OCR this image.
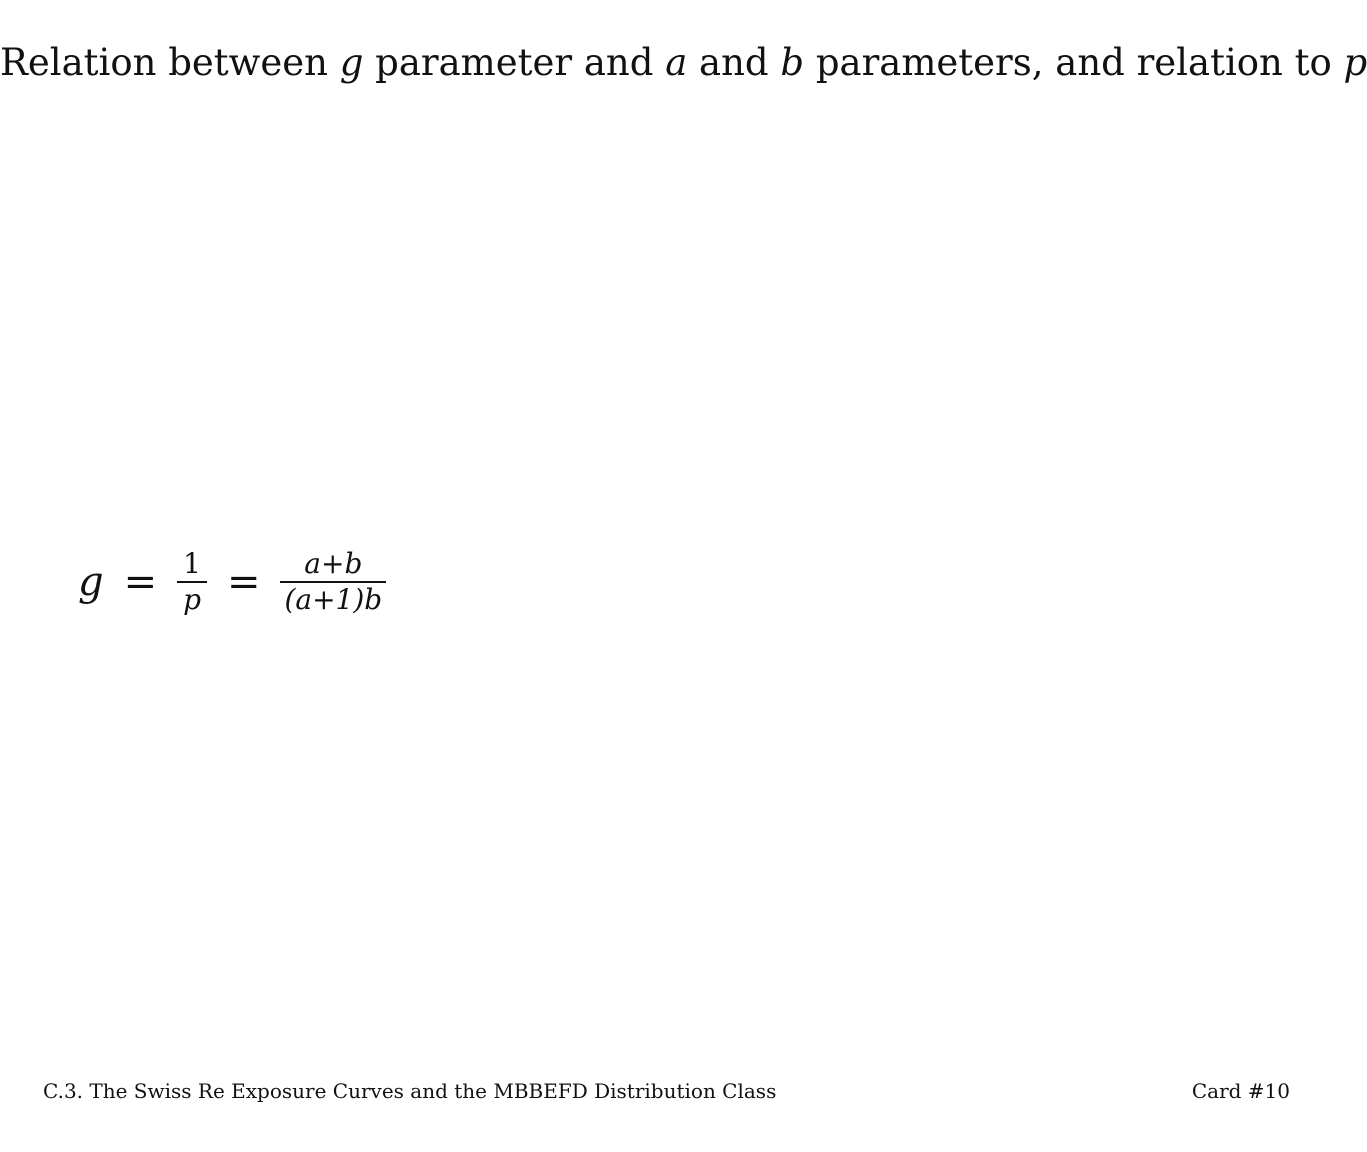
Relation between g parameter and a and b parameters, and relation to p
$g = \frac{1}{p} = \frac{a+b}{(a+1)b}$
C.3. The Swiss Re Exposure Curves and the MBBEFD Distribution Class	Card #10
